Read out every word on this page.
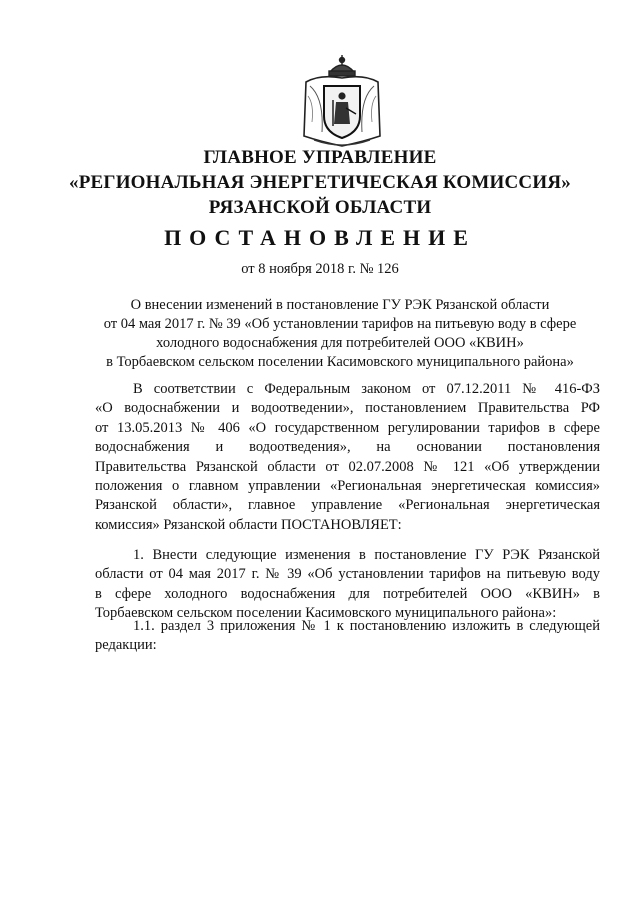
ГЛАВНОЕ УПРАВЛЕНИЕ
«РЕГИОНАЛЬНАЯ ЭНЕРГЕТИЧЕСКАЯ КОМИССИЯ»
РЯЗАНСКОЙ ОБЛАСТИ
ПОСТАНОВЛЕНИЕ
от 8 ноября 2018 г. № 126
О внесении изменений в постановление ГУ РЭК Рязанской области
от 04 мая 2017 г. № 39 «Об установлении тарифов на питьевую воду в сфере
холодного водоснабжения для потребителей ООО «КВИН»
в Торбаевском сельском поселении Касимовского муниципального района»
В соответствии с Федеральным законом от 07.12.2011 № 416-ФЗ
«О водоснабжении и водоотведении», постановлением Правительства РФ
от 13.05.2013 № 406 «О государственном регулировании тарифов в сфере
водоснабжения и водоотведения», на основании постановления
Правительства Рязанской области от 02.07.2008 № 121 «Об утверждении
положения о главном управлении «Региональная энергетическая комиссия»
Рязанской области», главное управление «Региональная энергетическая
комиссия» Рязанской области ПОСТАНОВЛЯЕТ:
1. Внести следующие изменения в постановление ГУ РЭК Рязанской
области от 04 мая 2017 г. № 39 «Об установлении тарифов на питьевую воду
в сфере холодного водоснабжения для потребителей ООО «КВИН» в
Торбаевском сельском поселении Касимовского муниципального района»:
1.1. раздел 3 приложения № 1 к постановлению изложить в следующей
редакции:
